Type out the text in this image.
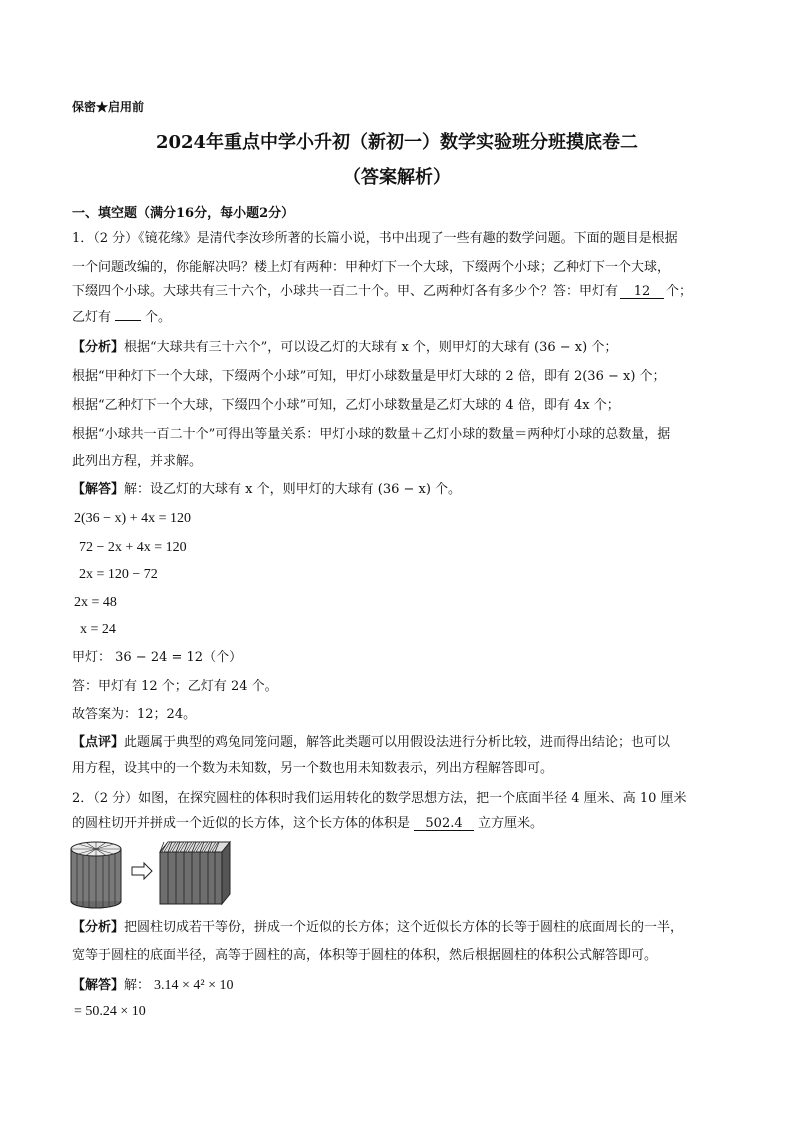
保密★启用前
2024年重点中学小升初（新初一）数学实验班分班摸底卷二
（答案解析）
一、填空题（满分16分，每小题2分）
1．（2 分）《镜花缘》是清代李汝珍所著的长篇小说，书中出现了一些有趣的数学问题。下面的题目是根据
一个问题改编的，你能解决吗？楼上灯有两种：甲种灯下一个大球，下缀两个小球；乙种灯下一个大球，
下缀四个小球。大球共有三十六个，小球共一百二十个。甲、乙两种灯各有多少个？答：甲灯有 12 个；
乙灯有	个。
【分析】根据“大球共有三十六个”，可以设乙灯的大球有 x 个，则甲灯的大球有 (36 − x) 个；
根据“甲种灯下一个大球，下缀两个小球”可知，甲灯小球数量是甲灯大球的 2 倍，即有 2(36 − x) 个；
根据“乙种灯下一个大球，下缀四个小球”可知，乙灯小球数量是乙灯大球的 4 倍，即有 4x 个；
根据“小球共一百二十个”可得出等量关系：甲灯小球的数量＋乙灯小球的数量＝两种灯小球的总数量，据
此列出方程，并求解。
【解答】解：设乙灯的大球有 x 个，则甲灯的大球有 (36 − x) 个。
2(36 − x) + 4x = 120
72 − 2x + 4x = 120
2x = 120 − 72
2x = 48
x = 24
甲灯： 36 − 24 = 12（个）
答：甲灯有 12 个；乙灯有 24 个。
故答案为：12；24。
【点评】此题属于典型的鸡兔同笼问题，解答此类题可以用假设法进行分析比较，进而得出结论；也可以
用方程，设其中的一个数为未知数，另一个数也用未知数表示，列出方程解答即可。
2．（2 分）如图，在探究圆柱的体积时我们运用转化的数学思想方法，把一个底面半径 4 厘米、高 10 厘米
的圆柱切开并拼成一个近似的长方体，这个长方体的体积是 502.4 立方厘米。
【分析】把圆柱切成若干等份，拼成一个近似的长方体；这个近似长方体的长等于圆柱的底面周长的一半，
宽等于圆柱的底面半径，高等于圆柱的高，体积等于圆柱的体积，然后根据圆柱的体积公式解答即可。
【解答】解： 3.14 × 4² × 10
= 50.24 × 10
